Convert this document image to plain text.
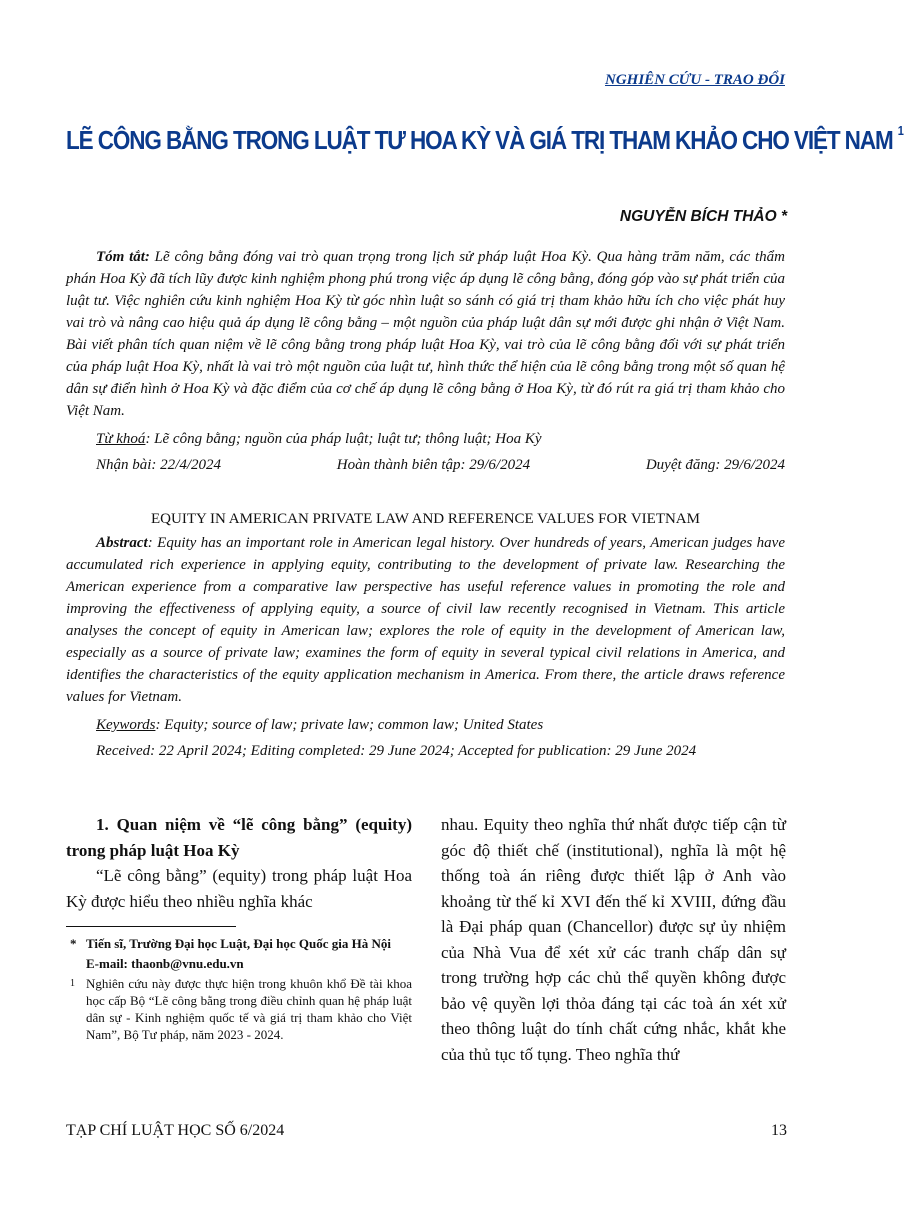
NGHIÊN CỨU - TRAO ĐỔI
LẼ CÔNG BẰNG TRONG LUẬT TƯ HOA KỲ VÀ GIÁ TRỊ THAM KHẢO CHO VIỆT NAM $^1$
NGUYỄN BÍCH THẢO *

Tóm tắt: Lẽ công bằng đóng vai trò quan trọng trong lịch sử pháp luật Hoa Kỳ. Qua hàng trăm năm, các thẩm phán Hoa Kỳ đã tích lũy được kinh nghiệm phong phú trong việc áp dụng lẽ công bằng, đóng góp vào sự phát triển của luật tư. Việc nghiên cứu kinh nghiệm Hoa Kỳ từ góc nhìn luật so sánh có giá trị tham khảo hữu ích cho việc phát huy vai trò và nâng cao hiệu quả áp dụng lẽ công bằng – một nguồn của pháp luật dân sự mới được ghi nhận ở Việt Nam. Bài viết phân tích quan niệm về lẽ công bằng trong pháp luật Hoa Kỳ, vai trò của lẽ công bằng đối với sự phát triển của pháp luật Hoa Kỳ, nhất là vai trò một nguồn của luật tư, hình thức thể hiện của lẽ công bằng trong một số quan hệ dân sự điển hình ở Hoa Kỳ và đặc điểm của cơ chế áp dụng lẽ công bằng ở Hoa Kỳ, từ đó rút ra giá trị tham khảo cho Việt Nam.

Từ khoá: Lẽ công bằng; nguồn của pháp luật; luật tư; thông luật; Hoa Kỳ

Nhận bài: 22/4/2024	Hoàn thành biên tập: 29/6/2024	Duyệt đăng: 29/6/2024

EQUITY IN AMERICAN PRIVATE LAW AND REFERENCE VALUES FOR VIETNAM

Abstract: Equity has an important role in American legal history. Over hundreds of years, American judges have accumulated rich experience in applying equity, contributing to the development of private law. Researching the American experience from a comparative law perspective has useful reference values in promoting the role and improving the effectiveness of applying equity, a source of civil law recently recognised in Vietnam. This article analyses the concept of equity in American law; explores the role of equity in the development of American law, especially as a source of private law; examines the form of equity in several typical civil relations in America, and identifies the characteristics of the equity application mechanism in America. From there, the article draws reference values for Vietnam.

Keywords: Equity; source of law; private law; common law; United States

Received: 22 April 2024; Editing completed: 29 June 2024; Accepted for publication: 29 June 2024

1. Quan niệm về “lẽ công bằng” (equity) trong pháp luật Hoa Kỳ

“Lẽ công bằng” (equity) trong pháp luật Hoa Kỳ được hiểu theo nhiều nghĩa khác

* Tiến sĩ, Trường Đại học Luật, Đại học Quốc gia Hà Nội
E-mail: thaonb@vnu.edu.vn
1 Nghiên cứu này được thực hiện trong khuôn khổ Đề tài khoa học cấp Bộ “Lẽ công bằng trong điều chỉnh quan hệ pháp luật dân sự - Kinh nghiệm quốc tế và giá trị tham khảo cho Việt Nam”, Bộ Tư pháp, năm 2023 - 2024.

nhau. Equity theo nghĩa thứ nhất được tiếp cận từ góc độ thiết chế (institutional), nghĩa là một hệ thống toà án riêng được thiết lập ở Anh vào khoảng từ thế kỉ XVI đến thế kỉ XVIII, đứng đầu là Đại pháp quan (Chancellor) được sự ủy nhiệm của Nhà Vua để xét xử các tranh chấp dân sự trong trường hợp các chủ thể quyền không được bảo vệ quyền lợi thỏa đáng tại các toà án xét xử theo thông luật do tính chất cứng nhắc, khắt khe của thủ tục tố tụng. Theo nghĩa thứ

TẠP CHÍ LUẬT HỌC SỐ 6/2024	13
